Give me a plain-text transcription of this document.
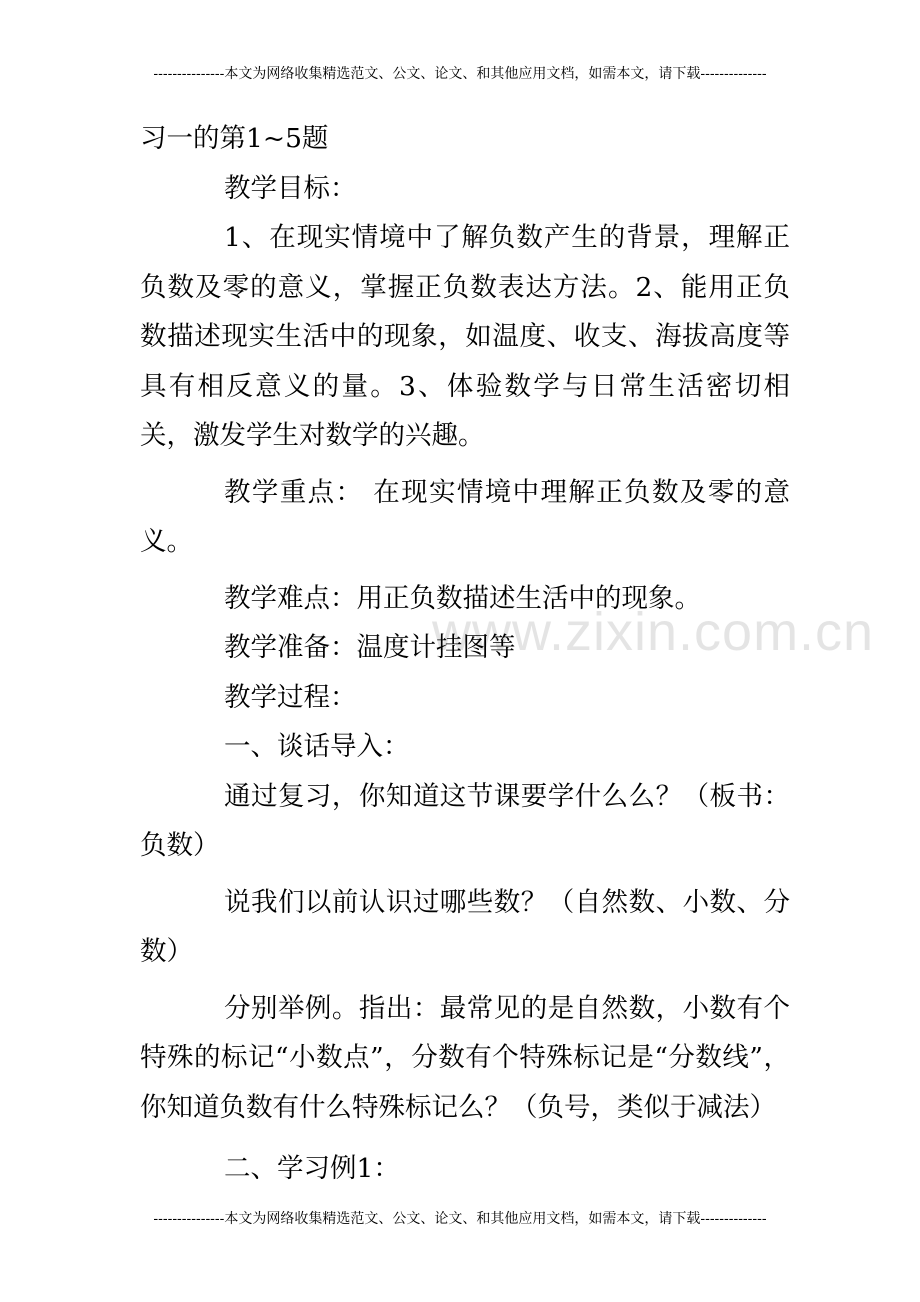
---------------本文为网络收集精选范文、公文、论文、和其他应用文档，如需本文，请下载--------------
www.zixin.com.cn

习一的第1~5题

教学目标：

1、在现实情境中了解负数产生的背景，理解正负数及零的意义，掌握正负数表达方法。2、能用正负数描述现实生活中的现象，如温度、收支、海拔高度等具有相反意义的量。3、体验数学与日常生活密切相关，激发学生对数学的兴趣。

教学重点： 在现实情境中理解正负数及零的意义。

教学难点：用正负数描述生活中的现象。

教学准备：温度计挂图等

教学过程：

一、谈话导入：

通过复习，你知道这节课要学什么么？（板书：负数）

说我们以前认识过哪些数？（自然数、小数、分数）

分别举例。指出：最常见的是自然数，小数有个特殊的标记“小数点”，分数有个特殊标记是“分数线”，你知道负数有什么特殊标记么？（负号，类似于减法）

二、学习例1：

---------------本文为网络收集精选范文、公文、论文、和其他应用文档，如需本文，请下载--------------
